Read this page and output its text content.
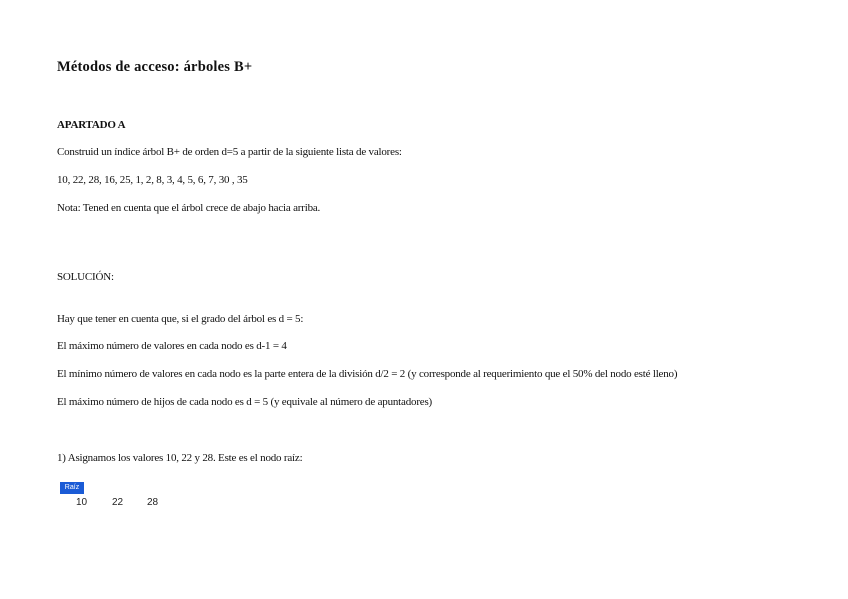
Métodos de acceso: árboles B+
APARTADO A
Construid un índice árbol B+ de orden d=5 a partir de la siguiente lista de valores:
10, 22, 28, 16, 25, 1, 2, 8, 3, 4, 5, 6, 7, 30 , 35
Nota: Tened en cuenta que el árbol crece de abajo hacia arriba.
SOLUCIÓN:
Hay que tener en cuenta que, si el grado del árbol es d = 5:
El máximo número de valores en cada nodo es d-1 = 4
El mínimo número de valores en cada nodo es la parte entera de la división d/2 = 2 (y corresponde al requerimiento que el 50% del nodo esté lleno)
El máximo número de hijos de cada nodo es d = 5 (y equivale al número de apuntadores)
1) Asignamos los valores 10, 22 y 28. Este es el nodo raíz:
Raíz
10 22 28
